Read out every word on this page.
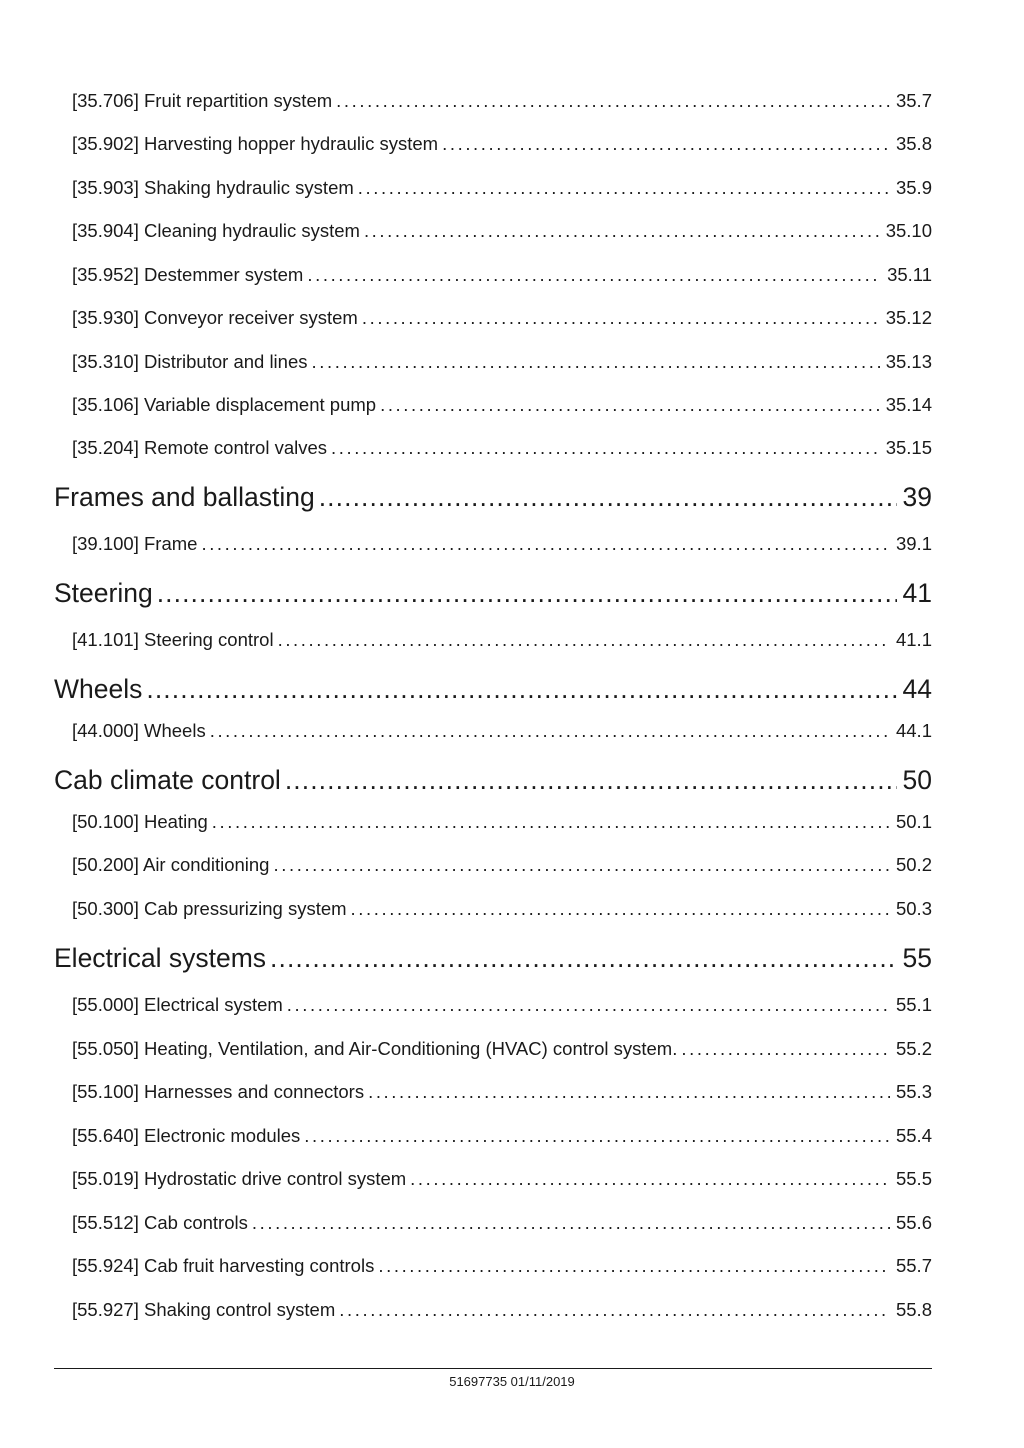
[35.706] Fruit repartition system .....	35.7
[35.902] Harvesting hopper hydraulic system .....	35.8
[35.903] Shaking hydraulic system .....	35.9
[35.904] Cleaning hydraulic system .....	35.10
[35.952] Destemmer system .....	35.11
[35.930] Conveyor receiver system .....	35.12
[35.310] Distributor and lines .....	35.13
[35.106] Variable displacement pump .....	35.14
[35.204] Remote control valves .....	35.15
Frames and ballasting .....	39
[39.100] Frame .....	39.1
Steering .....	41
[41.101] Steering control .....	41.1
Wheels .....	44
[44.000] Wheels .....	44.1
Cab climate control .....	50
[50.100] Heating .....	50.1
[50.200] Air conditioning .....	50.2
[50.300] Cab pressurizing system .....	50.3
Electrical systems .....	55
[55.000] Electrical system .....	55.1
[55.050] Heating, Ventilation, and Air-Conditioning (HVAC) control system. .....	55.2
[55.100] Harnesses and connectors .....	55.3
[55.640] Electronic modules .....	55.4
[55.019] Hydrostatic drive control system .....	55.5
[55.512] Cab controls .....	55.6
[55.924] Cab fruit harvesting controls .....	55.7
[55.927] Shaking control system .....	55.8
51697735 01/11/2019
